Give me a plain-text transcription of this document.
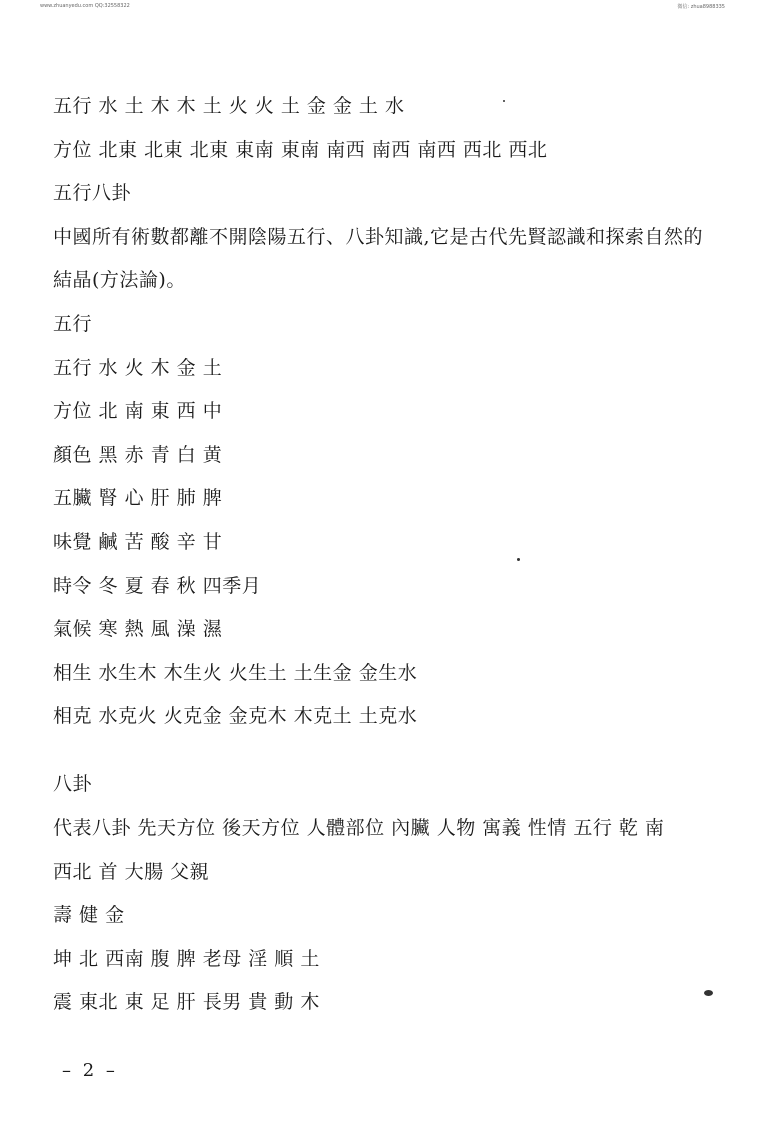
www.zhuanyedu.com QQ:32558322	微信: zhua8988335
五行 水 土 木 木 土 火 火 土 金 金 土 水
方位 北東 北東 北東 東南 東南 南西 南西 南西 西北 西北
五行八卦
中國所有術數都離不開陰陽五行、八卦知識,它是古代先賢認識和探索自然的
結晶(方法論)。
五行
五行 水 火 木 金 土
方位 北 南 東 西 中
顏色 黑 赤 青 白 黄
五臟 腎 心 肝 肺 脾
味覺 鹹 苦 酸 辛 甘
時令 冬 夏 春 秋 四季月
氣候 寒 熱 風 澡 濕
相生 水生木 木生火 火生土 土生金 金生水
相克 水克火 火克金 金克木 木克土 土克水
八卦
代表八卦 先天方位 後天方位 人體部位 內臟 人物 寓義 性情 五行 乾 南
西北 首 大腸 父親
壽 健 金
坤 北 西南 腹 脾 老母 淫 順 土
震 東北 東 足 肝 長男 貴 動 木
– 2 –
